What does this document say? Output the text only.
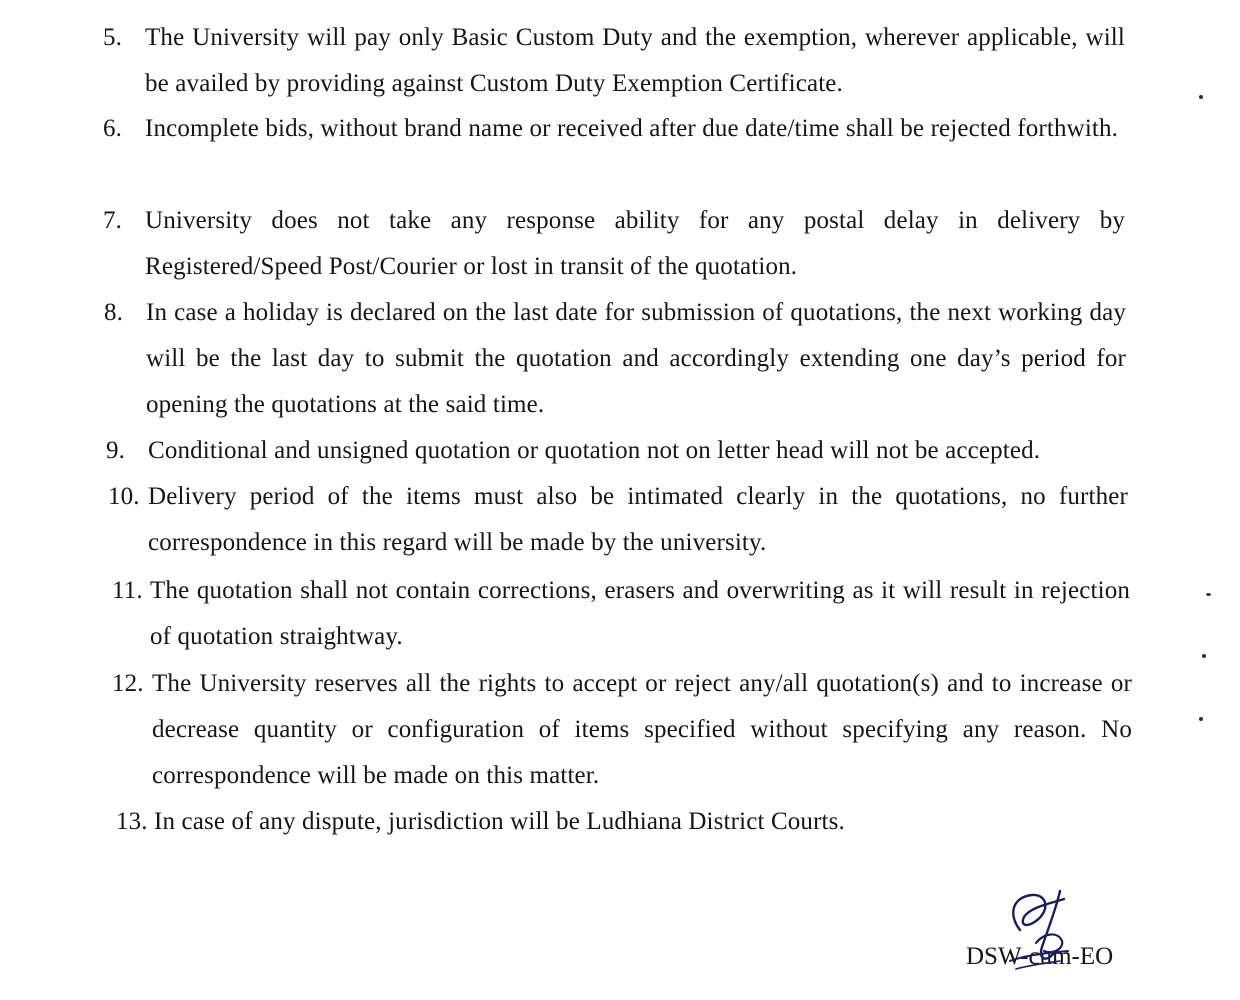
5. The University will pay only Basic Custom Duty and the exemption, wherever applicable, will be availed by providing against Custom Duty Exemption Certificate.
6. Incomplete bids, without brand name or received after due date/time shall be rejected forthwith.
7. University does not take any response ability for any postal delay in delivery by Registered/Speed Post/Courier or lost in transit of the quotation.
8. In case a holiday is declared on the last date for submission of quotations, the next working day will be the last day to submit the quotation and accordingly extending one day’s period for opening the quotations at the said time.
9. Conditional and unsigned quotation or quotation not on letter head will not be accepted.
10. Delivery period of the items must also be intimated clearly in the quotations, no further correspondence in this regard will be made by the university.
11. The quotation shall not contain corrections, erasers and overwriting as it will result in rejection of quotation straightway.
12. The University reserves all the rights to accept or reject any/all quotation(s) and to increase or decrease quantity or configuration of items specified without specifying any reason. No correspondence will be made on this matter.
13. In case of any dispute, jurisdiction will be Ludhiana District Courts.
DSW-cum-EO
